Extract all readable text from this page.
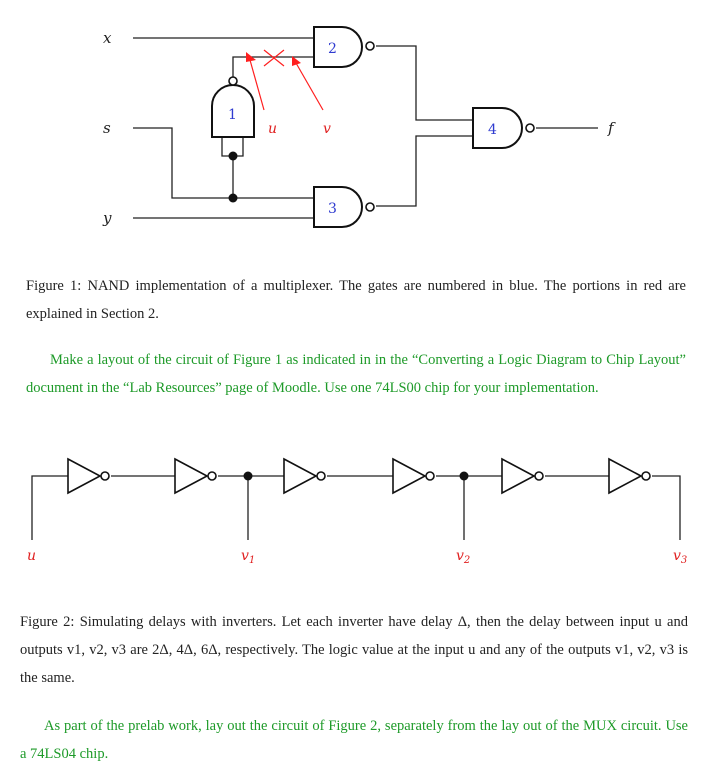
x
s
y
f
1
2
3
4
u	v
Figure 1: NAND implementation of a multiplexer. The gates are numbered in blue. The portions in red are explained in Section 2.
Make a layout of the circuit of Figure 1 as indicated in in the “Converting a Logic Diagram to Chip Layout” document in the “Lab Resources” page of Moodle. Use one 74LS00 chip for your implementation.
u	$v_1$	$v_2$	$v_3$
Figure 2: Simulating delays with inverters. Let each inverter have delay Δ, then the delay between input u and outputs v1, v2, v3 are 2Δ, 4Δ, 6Δ, respectively. The logic value at the input u and any of the outputs v1, v2, v3 is the same.
As part of the prelab work, lay out the circuit of Figure 2, separately from the lay out of the MUX circuit. Use a 74LS04 chip.
